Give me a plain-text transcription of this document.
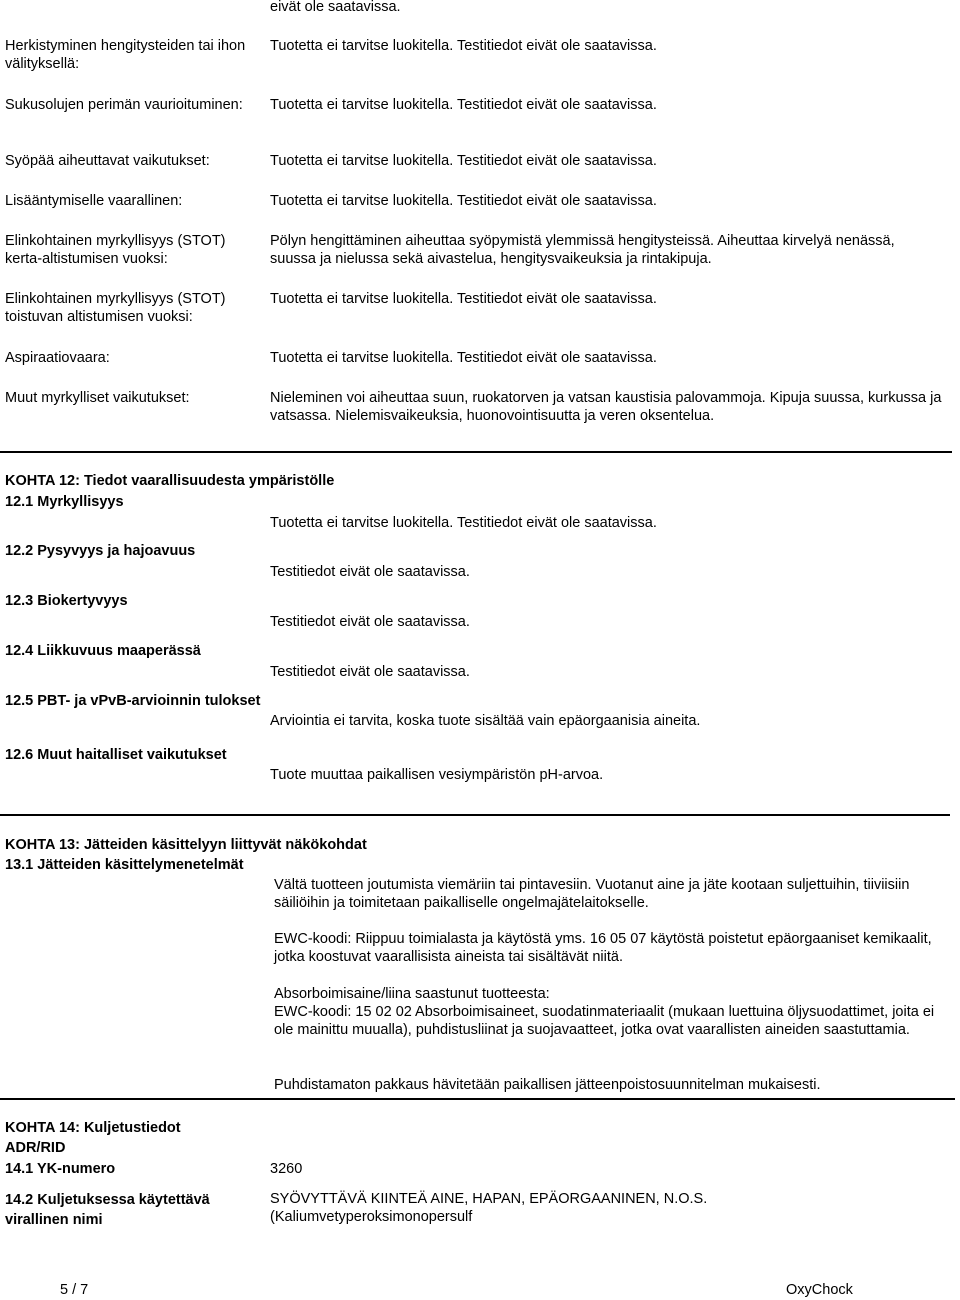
eivät ole saatavissa.
Herkistyminen hengitysteiden tai ihon välityksellä:
Tuotetta ei tarvitse luokitella. Testitiedot eivät ole saatavissa.
Sukusolujen perimän vaurioituminen:	Tuotetta ei tarvitse luokitella. Testitiedot eivät ole saatavissa.
Syöpää aiheuttavat vaikutukset:	Tuotetta ei tarvitse luokitella. Testitiedot eivät ole saatavissa.
Lisääntymiselle vaarallinen:	Tuotetta ei tarvitse luokitella. Testitiedot eivät ole saatavissa.
Elinkohtainen myrkyllisyys (STOT) kerta-altistumisen vuoksi:
Pölyn hengittäminen aiheuttaa syöpymistä ylemmissä hengitysteissä. Aiheuttaa kirvelyä nenässä, suussa ja nielussa sekä aivastelua, hengitysvaikeuksia ja rintakipuja.
Elinkohtainen myrkyllisyys (STOT) toistuvan altistumisen vuoksi:
Tuotetta ei tarvitse luokitella. Testitiedot eivät ole saatavissa.
Aspiraatiovaara:	Tuotetta ei tarvitse luokitella. Testitiedot eivät ole saatavissa.
Muut myrkylliset vaikutukset:	Nieleminen voi aiheuttaa suun, ruokatorven ja vatsan kaustisia palovammoja. Kipuja suussa, kurkussa ja vatsassa. Nielemisvaikeuksia, huonovointisuutta ja veren oksentelua.
KOHTA 12: Tiedot vaarallisuudesta ympäristölle
12.1 Myrkyllisyys
Tuotetta ei tarvitse luokitella. Testitiedot eivät ole saatavissa.
12.2 Pysyvyys ja hajoavuus
Testitiedot eivät ole saatavissa.
12.3 Biokertyvyys
Testitiedot eivät ole saatavissa.
12.4 Liikkuvuus maaperässä
Testitiedot eivät ole saatavissa.
12.5 PBT- ja vPvB-arvioinnin tulokset
Arviointia ei tarvita, koska tuote sisältää vain epäorgaanisia aineita.
12.6 Muut haitalliset vaikutukset
Tuote muuttaa paikallisen vesiympäristön pH-arvoa.
KOHTA 13: Jätteiden käsittelyyn liittyvät näkökohdat
13.1 Jätteiden käsittelymenetelmät
Vältä tuotteen joutumista viemäriin tai pintavesiin. Vuotanut aine ja jäte kootaan suljettuihin, tiiviisiin säiliöihin ja toimitetaan paikalliselle ongelmajätelaitokselle.
EWC-koodi: Riippuu toimialasta ja käytöstä yms. 16 05 07 käytöstä poistetut epäorgaaniset kemikaalit, jotka koostuvat vaarallisista aineista tai sisältävät niitä.
Absorboimisaine/liina saastunut tuotteesta:
EWC-koodi: 15 02 02 Absorboimisaineet, suodatinmateriaalit (mukaan luettuina öljysuodattimet, joita ei ole mainittu muualla), puhdistusliinat ja suojavaatteet, jotka ovat vaarallisten aineiden saastuttamia.
Puhdistamaton pakkaus hävitetään paikallisen jätteenpoistosuunnitelman mukaisesti.
KOHTA 14: Kuljetustiedot
ADR/RID
14.1 YK-numero	3260
14.2 Kuljetuksessa käytettävä virallinen nimi
SYÖVYTTÄVÄ KIINTEÄ AINE, HAPAN, EPÄORGAANINEN, N.O.S. (Kaliumvetyperoksimonopersulf
5 / 7	OxyChock
